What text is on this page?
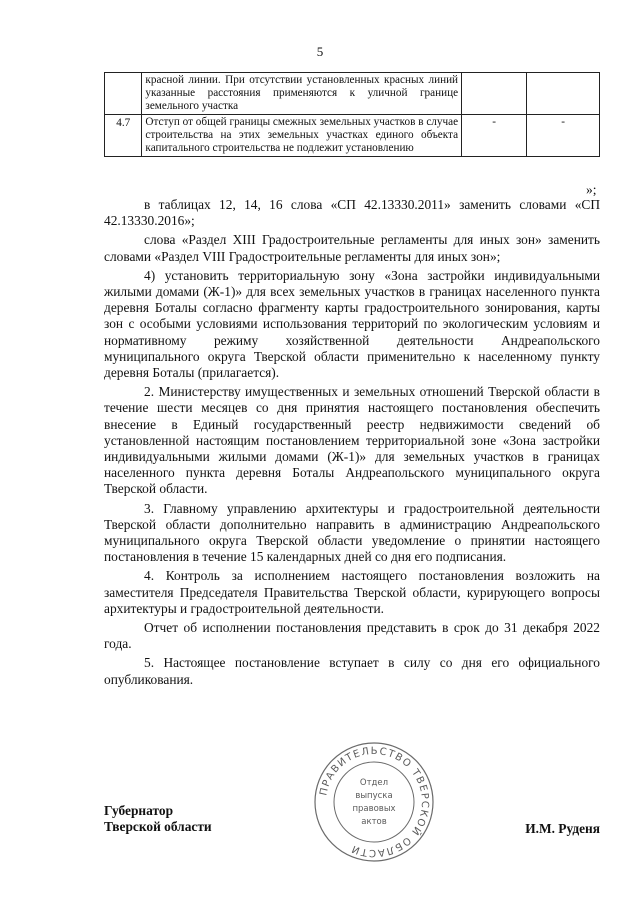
5
	красной линии. При отсутствии установленных красных линий указанные расстояния применяются к уличной границе земельного участка		
4.7	Отступ от общей границы смежных земельных участков в случае строительства на этих земельных участках единого объекта капитального строительства не подлежит установлению	-	-
»;

в таблицах 12, 14, 16 слова «СП 42.13330.2011» заменить словами «СП 42.13330.2016»;

слова «Раздел XIII Градостроительные регламенты для иных зон» заменить словами «Раздел VIII Градостроительные регламенты для иных зон»;

4) установить территориальную зону «Зона застройки индивидуальными жилыми домами (Ж-1)» для всех земельных участков в границах населенного пункта деревня Боталы согласно фрагменту карты градостроительного зонирования, карты зон с особыми условиями использования территорий по экологическим условиям и нормативному режиму хозяйственной деятельности Андреапольского муниципального округа Тверской области применительно к населенному пункту деревня Боталы (прилагается).

2. Министерству имущественных и земельных отношений Тверской области в течение шести месяцев со дня принятия настоящего постановления обеспечить внесение в Единый государственный реестр недвижимости сведений об установленной настоящим постановлением территориальной зоне «Зона застройки индивидуальными жилыми домами (Ж-1)» для земельных участков в границах населенного пункта деревня Боталы Андреапольского муниципального округа Тверской области.

3. Главному управлению архитектуры и градостроительной деятельности Тверской области дополнительно направить в администрацию Андреапольского муниципального округа Тверской области уведомление о принятии настоящего постановления в течение 15 календарных дней со дня его подписания.

4. Контроль за исполнением настоящего постановления возложить на заместителя Председателя Правительства Тверской области, курирующего вопросы архитектуры и градостроительной деятельности.

Отчет об исполнении постановления представить в срок до 31 декабря 2022 года.

5. Настоящее постановление вступает в силу со дня его официального опубликования.

Губернатор
Тверской области	И.М. Руденя
ПРАВИТЕЛЬСТВО ТВЕРСКОЙ ОБЛАСТИ
Отдел
выпуска
правовых
актов
